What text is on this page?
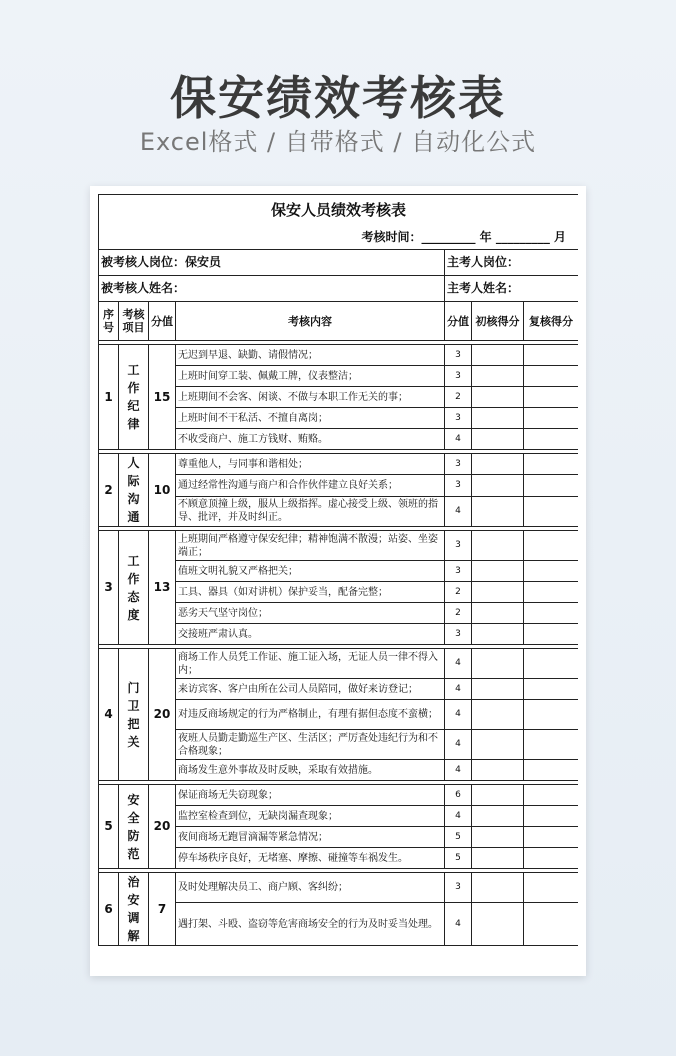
保安绩效考核表
Excel格式 / 自带格式 / 自动化公式
保安人员绩效考核表						
考核时间：_________ 年 _________ 月						
被考核人岗位：保安员				主考人岗位：		
被考核人姓名：				主考人姓名：		
序号	考核项目	分值	考核内容	分值	初核得分	复核得分

1	工作纪律	15	无迟到早退、缺勤、请假情况；	3		
			上班时间穿工装、佩戴工牌，仪表整洁；	3		
			上班期间不会客、闲谈、不做与本职工作无关的事；	2		
			上班时间不干私活、不擅自离岗；	3		
			不收受商户、施工方钱财、贿赂。	4		

2	人际沟通	10	尊重他人，与同事和谐相处；	3		
			通过经常性沟通与商户和合作伙伴建立良好关系；	3		
			不顾意顶撞上级，服从上级指挥。虚心接受上级、领班的指导、批评，并及时纠正。	4		

3	工作态度	13	上班期间严格遵守保安纪律；精神饱满不散漫；站姿、坐姿端正；	3		
			值班文明礼貌又严格把关；	3		
			工具、器具（如对讲机）保护妥当，配备完整；	2		
			恶劣天气坚守岗位；	2		
			交接班严肃认真。	3		

4	门卫把关	20	商场工作人员凭工作证、施工证入场，无证人员一律不得入内；	4		
			来访宾客、客户由所在公司人员陪同，做好来访登记；	4		
			对违反商场规定的行为严格制止，有理有据但态度不蛮横；	4		
			夜班人员勤走勤巡生产区、生活区；严厉查处违纪行为和不合格现象；	4		
			商场发生意外事故及时反映，采取有效措施。	4		

5	安全防范	20	保证商场无失窃现象；	6		
			监控室检查到位，无缺岗漏查现象；	4		
			夜间商场无跑冒滴漏等紧急情况；	5		
			停车场秩序良好，无堵塞、摩擦、碰撞等车祸发生。	5		

6	治安调解	7	及时处理解决员工、商户顾、客纠纷；	3		
			遇打架、斗殴、盗窃等危害商场安全的行为及时妥当处理。	4		
